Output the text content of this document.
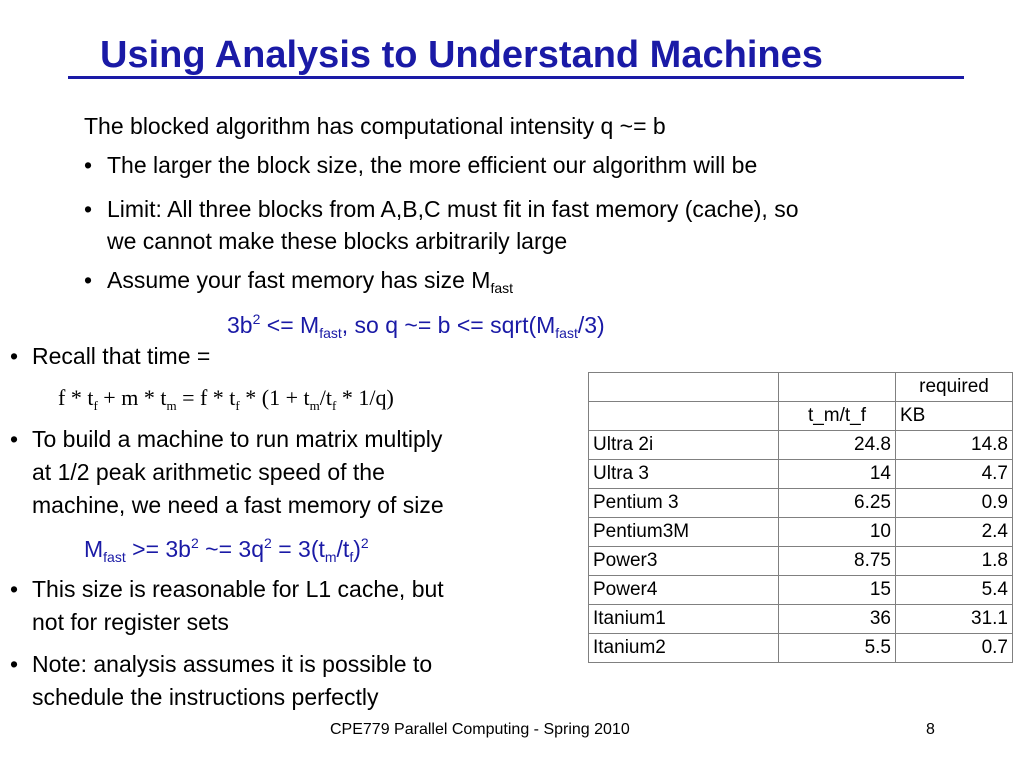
Using Analysis to Understand Machines
The blocked algorithm has computational intensity q ~= b
• The larger the block size, the more efficient our algorithm will be
• Limit: All three blocks from A,B,C must fit in fast memory (cache), so
we cannot make these blocks arbitrarily large
• Assume your fast memory has size $M_{fast}$
$3b^2 <= M_{fast}$, so q ~= $b <= sqrt(M_{fast}/3)$
• Recall that time =
$f * t_f + m * t_m = f * t_f * (1 + t_m/t_f * 1/q)$
• To build a machine to run matrix multiply
at 1/2 peak arithmetic speed of the
machine, we need a fast memory of size
$M_{fast} >= 3b^2$ ~= $3q^2 = 3(t_m/t_f)^2$
• This size is reasonable for L1 cache, but
not for register sets
• Note: analysis assumes it is possible to
schedule the instructions perfectly
		required
	t_m/t_f	KB
Ultra 2i	24.8	14.8
Ultra 3	14	4.7
Pentium 3	6.25	0.9
Pentium3M	10	2.4
Power3	8.75	1.8
Power4	15	5.4
Itanium1	36	31.1
Itanium2	5.5	0.7
CPE779 Parallel Computing - Spring 2010	8
